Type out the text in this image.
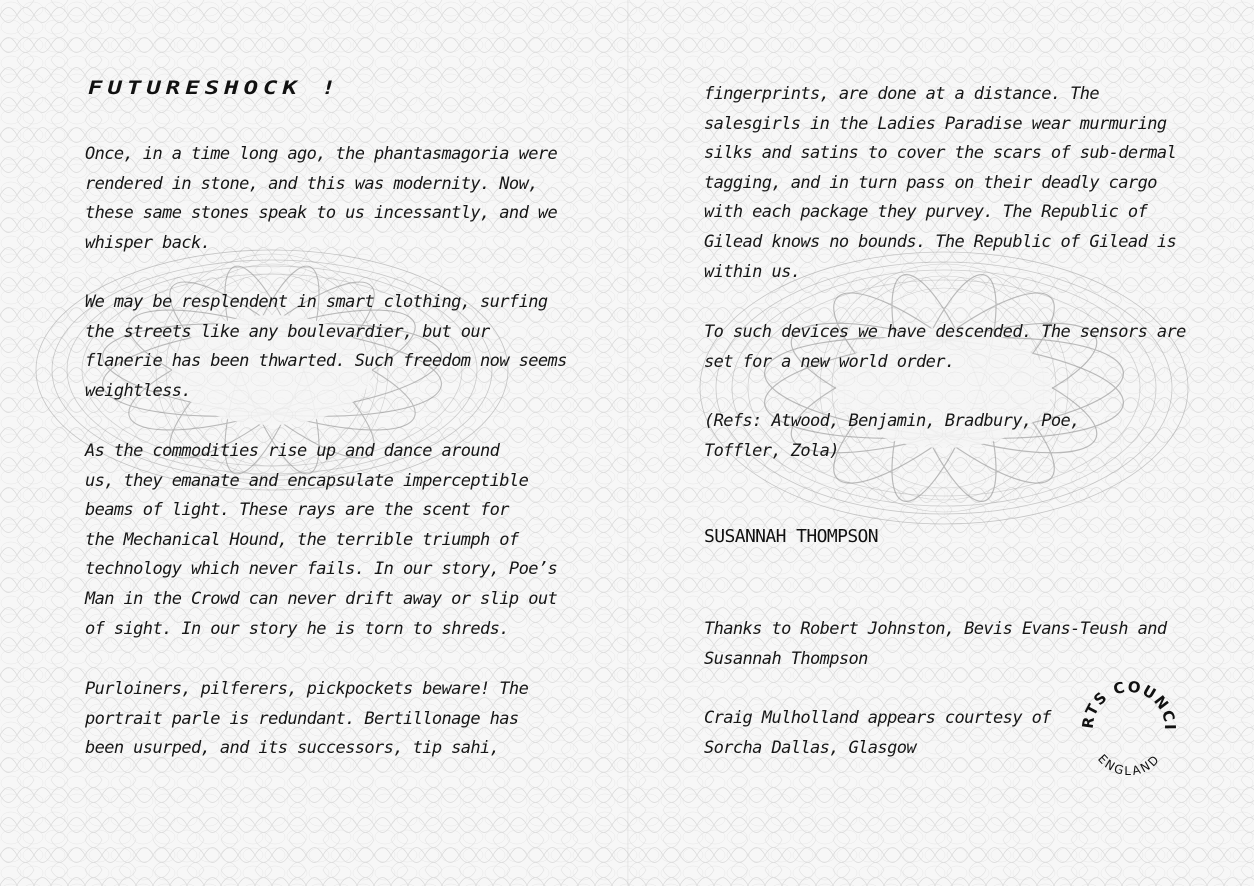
FUTURESHOCK !

Once, in a time long ago, the phantasmagoria were
rendered in stone, and this was modernity. Now,
these same stones speak to us incessantly, and we
whisper back.

We may be resplendent in smart clothing, surfing
the streets like any boulevardier, but our
flanerie has been thwarted. Such freedom now seems
weightless.

As the commodities rise up and dance around
us, they emanate and encapsulate imperceptible
beams of light. These rays are the scent for
the Mechanical Hound, the terrible triumph of
technology which never fails. In our story, Poe’s
Man in the Crowd can never drift away or slip out
of sight. In our story he is torn to shreds.

Purloiners, pilferers, pickpockets beware! The
portrait parle is redundant. Bertillonage has
been usurped, and its successors, tip sahi,

fingerprints, are done at a distance. The
salesgirls in the Ladies Paradise wear murmuring
silks and satins to cover the scars of sub-dermal
tagging, and in turn pass on their deadly cargo
with each package they purvey. The Republic of
Gilead knows no bounds. The Republic of Gilead is
within us.

To such devices we have descended. The sensors are
set for a new world order.

(Refs: Atwood, Benjamin, Bradbury, Poe,
Toffler, Zola)

SUSANNAH THOMPSON

Thanks to Robert Johnston, Bevis Evans-Teush and
Susannah Thompson

Craig Mulholland appears courtesy of
Sorcha Dallas, Glasgow

RTS COUN
ENGLAND
